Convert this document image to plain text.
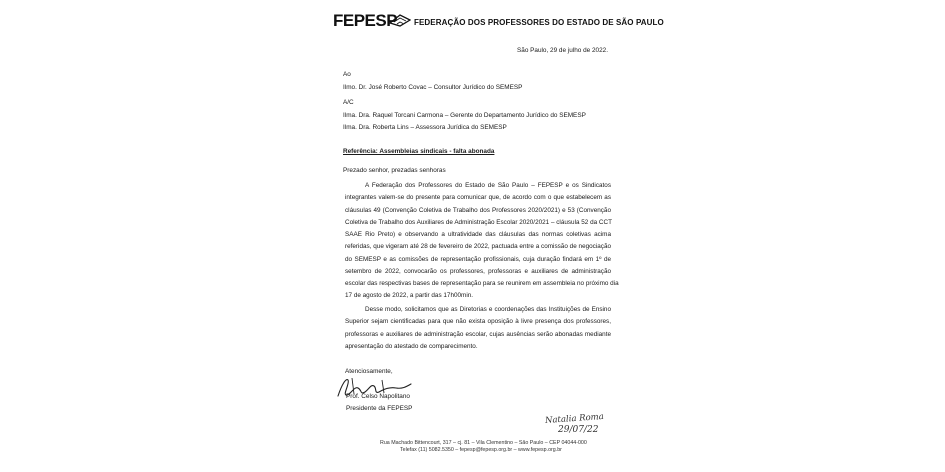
FEPESP FEDERAÇÃO DOS PROFESSORES DO ESTADO DE SÃO PAULO
São Paulo, 29 de julho de 2022.
Ao
Ilmo. Dr. José Roberto Covac – Consultor Jurídico do SEMESP
A/C
Ilma. Dra. Raquel Torcani Carmona – Gerente do Departamento Jurídico do SEMESP
Ilma. Dra. Roberta Lins – Assessora Jurídica do SEMESP
Referência: Assembleias sindicais - falta abonada
Prezado senhor, prezadas senhoras
A Federação dos Professores do Estado de São Paulo – FEPESP e os Sindicatos
integrantes valem-se do presente para comunicar que, de acordo com o que estabelecem as
cláusulas 49 (Convenção Coletiva de Trabalho dos Professores 2020/2021) e 53 (Convenção
Coletiva de Trabalho dos Auxiliares de Administração Escolar 2020/2021 – cláusula 52 da CCT
SAAE Rio Preto) e observando a ultratividade das cláusulas das normas coletivas acima
referidas, que vigeram até 28 de fevereiro de 2022, pactuada entre a comissão de negociação
do SEMESP e as comissões de representação profissionais, cuja duração findará em 1º de
setembro de 2022, convocarão os professores, professoras e auxiliares de administração
escolar das respectivas bases de representação para se reunirem em assembleia no próximo dia
17 de agosto de 2022, a partir das 17h00min.
Desse modo, solicitamos que as Diretorias e coordenações das Instituições de Ensino
Superior sejam cientificadas para que não exista oposição à livre presença dos professores,
professoras e auxiliares de administração escolar, cujas ausências serão abonadas mediante
apresentação do atestado de comparecimento.
Atenciosamente,
Prof. Celso Napolitano
Presidente da FEPESP
Natalia Roma
29/07/22
Rua Machado Bittencourt, 317 – cj. 81 – Vila Clementino – São Paulo – CEP 04044-000
Telefax (11) 5082.5350 – fepesp@fepesp.org.br – www.fepesp.org.br
